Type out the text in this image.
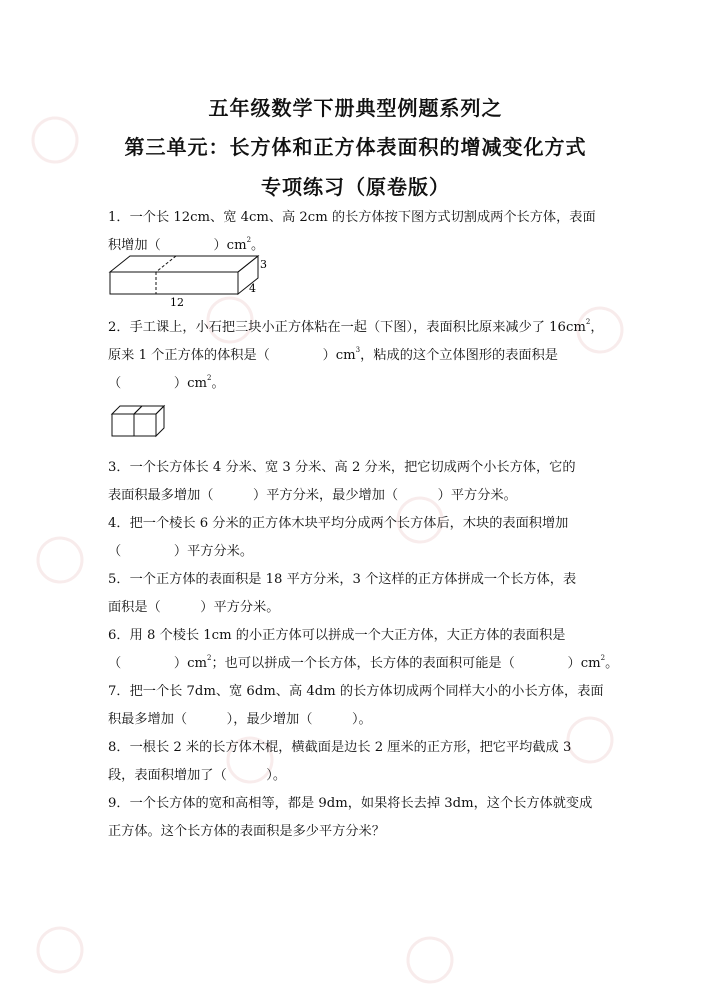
五年级数学下册典型例题系列之
第三单元：长方体和正方体表面积的增减变化方式
专项练习（原卷版）
1．一个长 12cm、宽 4cm、高 2cm 的长方体按下图方式切割成两个长方体，表面
积增加（　　　　）$cm^2$。
3
4
12
2．手工课上，小石把三块小正方体粘在一起（下图），表面积比原来减少了 $16cm^2$，
原来 1 个正方体的体积是（　　　　）$cm^3$，粘成的这个立体图形的表面积是
（　　　　）$cm^2$。
3．一个长方体长 4 分米、宽 3 分米、高 2 分米，把它切成两个小长方体，它的
表面积最多增加（　　　）平方分米，最少增加（　　　）平方分米。
4．把一个棱长 6 分米的正方体木块平均分成两个长方体后，木块的表面积增加
（　　　　）平方分米。
5．一个正方体的表面积是 18 平方分米，3 个这样的正方体拼成一个长方体，表
面积是（　　　）平方分米。
6．用 8 个棱长 1cm 的小正方体可以拼成一个大正方体，大正方体的表面积是
（　　　　）$cm^2$；也可以拼成一个长方体，长方体的表面积可能是（　　　　）$cm^2$。
7．把一个长 7dm、宽 6dm、高 4dm 的长方体切成两个同样大小的小长方体，表面
积最多增加（　　　），最少增加（　　　）。
8．一根长 2 米的长方体木棍，横截面是边长 2 厘米的正方形，把它平均截成 3
段，表面积增加了（　　　）。
9．一个长方体的宽和高相等，都是 9dm，如果将长去掉 3dm，这个长方体就变成
正方体。这个长方体的表面积是多少平方分米？
